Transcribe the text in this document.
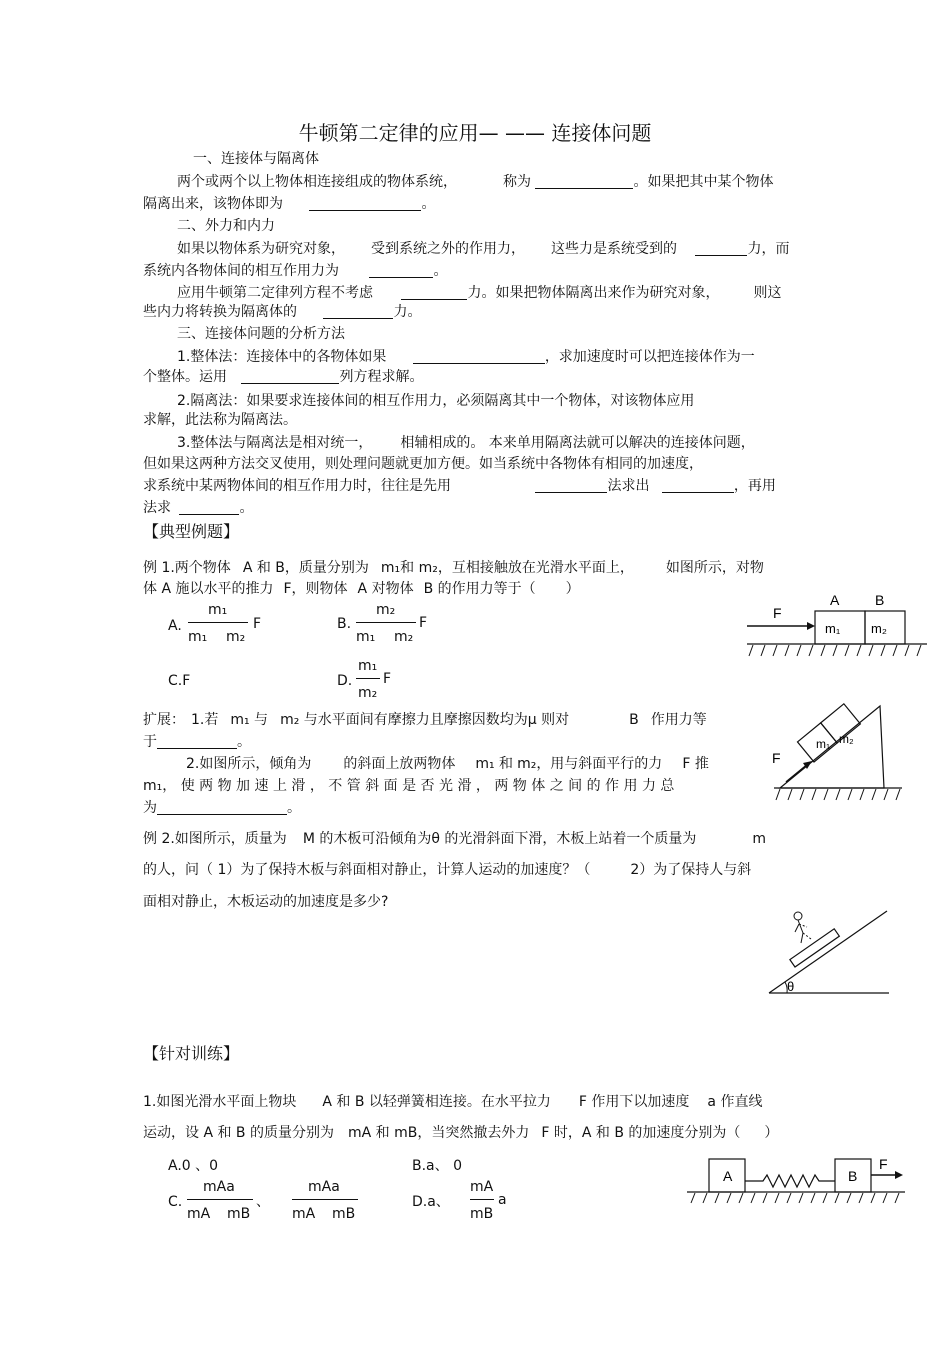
牛顿第二定律的应用— —— 连接体问题
一、连接体与隔离体
两个或两个以上物体相连接组成的物体系统，	称为	。如果把其中某个物体
隔离出来，该物体即为	。
二、外力和内力
如果以物体系为研究对象， 受到系统之外的作用力， 这些力是系统受到的	力，而
系统内各物体间的相互作用力为	。
应用牛顿第二定律列方程不考虑	力。如果把物体隔离出来作为研究对象， 则这
些内力将转换为隔离体的	力。
三、连接体问题的分析方法
1.整体法：连接体中的各物体如果	，求加速度时可以把连接体作为一
个整体。运用	列方程求解。
2.隔离法：如果要求连接体间的相互作用力，必须隔离其中一个物体，对该物体应用
求解，此法称为隔离法。
3.整体法与隔离法是相对统一， 相辅相成的。 本来单用隔离法就可以解决的连接体问题，
但如果这两种方法交叉使用，则处理问题就更加方便。如当系统中各物体有相同的加速度，
求系统中某两物体间的相互作用力时，往往是先用	法求出	，再用
法求	。
【典型例题】
例 1.两个物体 A 和 B，质量分别为 m₁和 m₂，互相接触放在光滑水平面上， 如图所示，对物
体 A 施以水平的推力 F，则物体 A 对物体 B 的作用力等于（ ）
A.
m₁
m₁ m₂
F	B.
m₂
m₁ m₂
F
C.F	D.
m₁
m₂
F
F
A	B
m₁ m₂
扩展： 1.若 m₁ 与 m₂ 与水平面间有摩擦力且摩擦因数均为μ 则对	B 作用力等
于	。
2.如图所示，倾角为 的斜面上放两物体 m₁ 和 m₂，用与斜面平行的力 F 推
m₁， 使 两 物 加 速 上 滑 ， 不 管 斜 面 是 否 光 滑 ， 两 物 体 之 间 的 作 用 力 总
为	。
m₁ m₂
F
例 2.如图所示，质量为 M 的木板可沿倾角为θ 的光滑斜面下滑，木板上站着一个质量为	m
的人，问（ 1）为了保持木板与斜面相对静止，计算人运动的加速度？（	2）为了保持人与斜
面相对静止，木板运动的加速度是多少?
θ
【针对训练】
1.如图光滑水平面上物块 A 和 B 以轻弹簧相连接。在水平拉力 F 作用下以加速度 a 作直线
运动，设 A 和 B 的质量分别为 mA 和 mB，当突然撤去外力 F 时，A 和 B 的加速度分别为（ ）
A.0 、0	B.a、 0
C.
mAa
mA mB
、
mAa
mA mB
D.a、
mA
mB
a
A	B
F
